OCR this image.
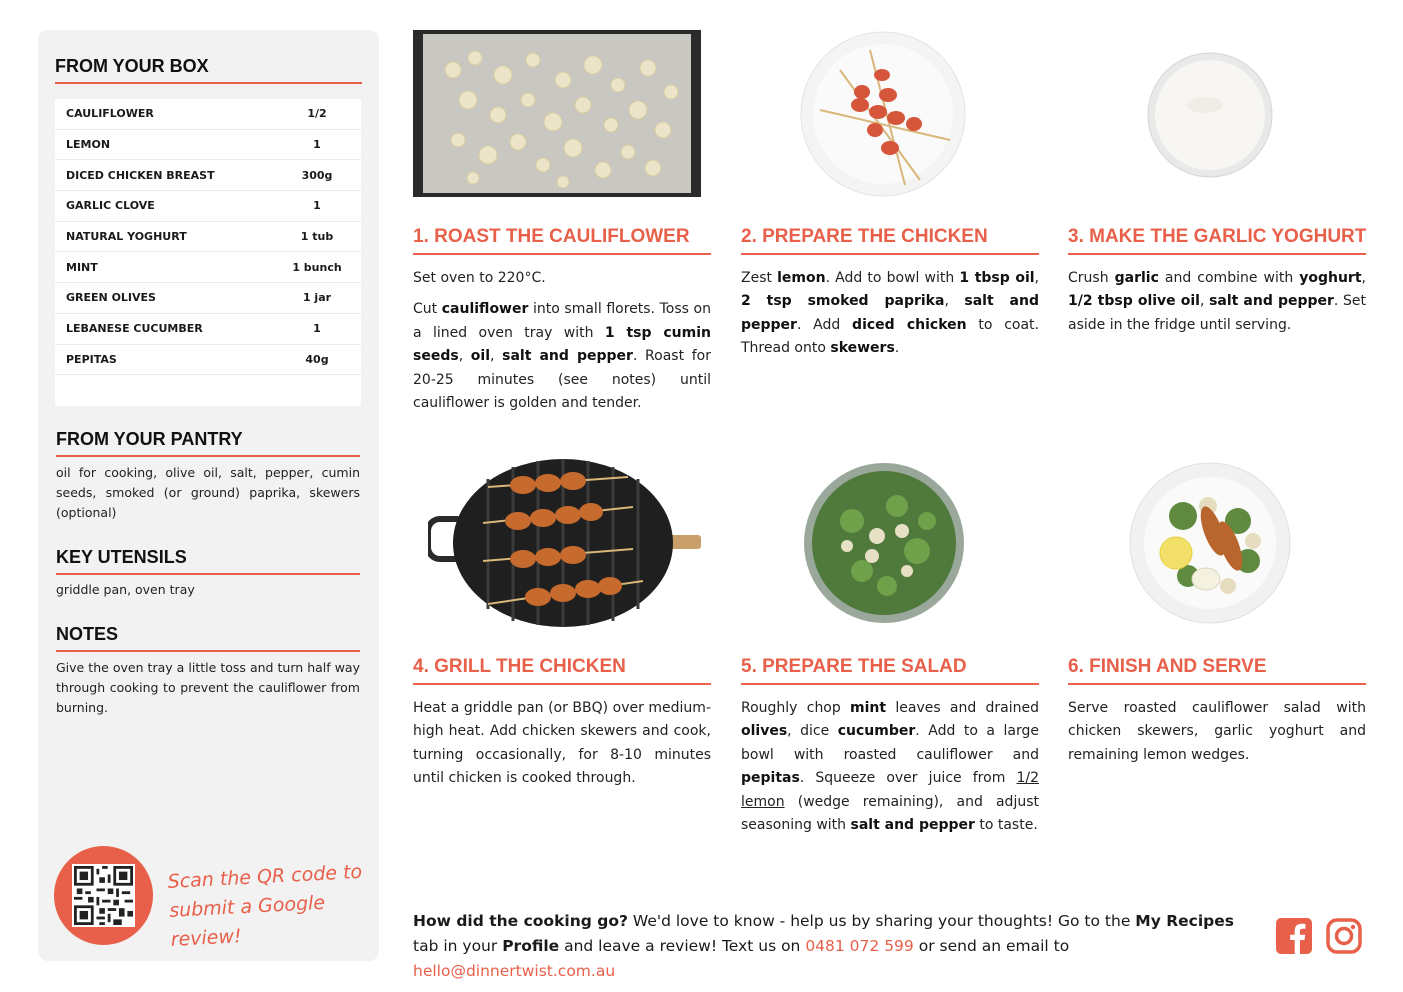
FROM YOUR BOX
CAULIFLOWER	1/2
LEMON	1
DICED CHICKEN BREAST	300g
GARLIC CLOVE	1
NATURAL YOGHURT	1 tub
MINT	1 bunch
GREEN OLIVES	1 jar
LEBANESE CUCUMBER	1
PEPITAS	40g
FROM YOUR PANTRY
oil for cooking, olive oil, salt, pepper, cumin seeds, smoked (or ground) paprika, skewers (optional)
KEY UTENSILS
griddle pan, oven tray
NOTES
Give the oven tray a little toss and turn half way through cooking to prevent the cauliflower from burning.
Scan the QR code to
submit a Google review!
1. ROAST THE CAULIFLOWER

Set oven to 220°C.

Cut cauliflower into small florets. Toss on a lined oven tray with 1 tsp cumin seeds, oil, salt and pepper. Roast for 20-25 minutes (see notes) until cauliflower is golden and tender.

2. PREPARE THE CHICKEN

Zest lemon. Add to bowl with 1 tbsp oil, 2 tsp smoked paprika, salt and pepper. Add diced chicken to coat. Thread onto skewers.

3. MAKE THE GARLIC YOGHURT

Crush garlic and combine with yoghurt, 1/2 tbsp olive oil, salt and pepper. Set aside in the fridge until serving.

4. GRILL THE CHICKEN

Heat a griddle pan (or BBQ) over medium-high heat. Add chicken skewers and cook, turning occasionally, for 8-10 minutes until chicken is cooked through.

5. PREPARE THE SALAD

Roughly chop mint leaves and drained olives, dice cucumber. Add to a large bowl with roasted cauliflower and pepitas. Squeeze over juice from 1/2 lemon (wedge remaining), and adjust seasoning with salt and pepper to taste.

6. FINISH AND SERVE

Serve roasted cauliflower salad with chicken skewers, garlic yoghurt and remaining lemon wedges.

How did the cooking go? We'd love to know - help us by sharing your thoughts! Go to the My Recipes tab in your Profile and leave a review! Text us on 0481 072 599 or send an email to hello@dinnertwist.com.au
